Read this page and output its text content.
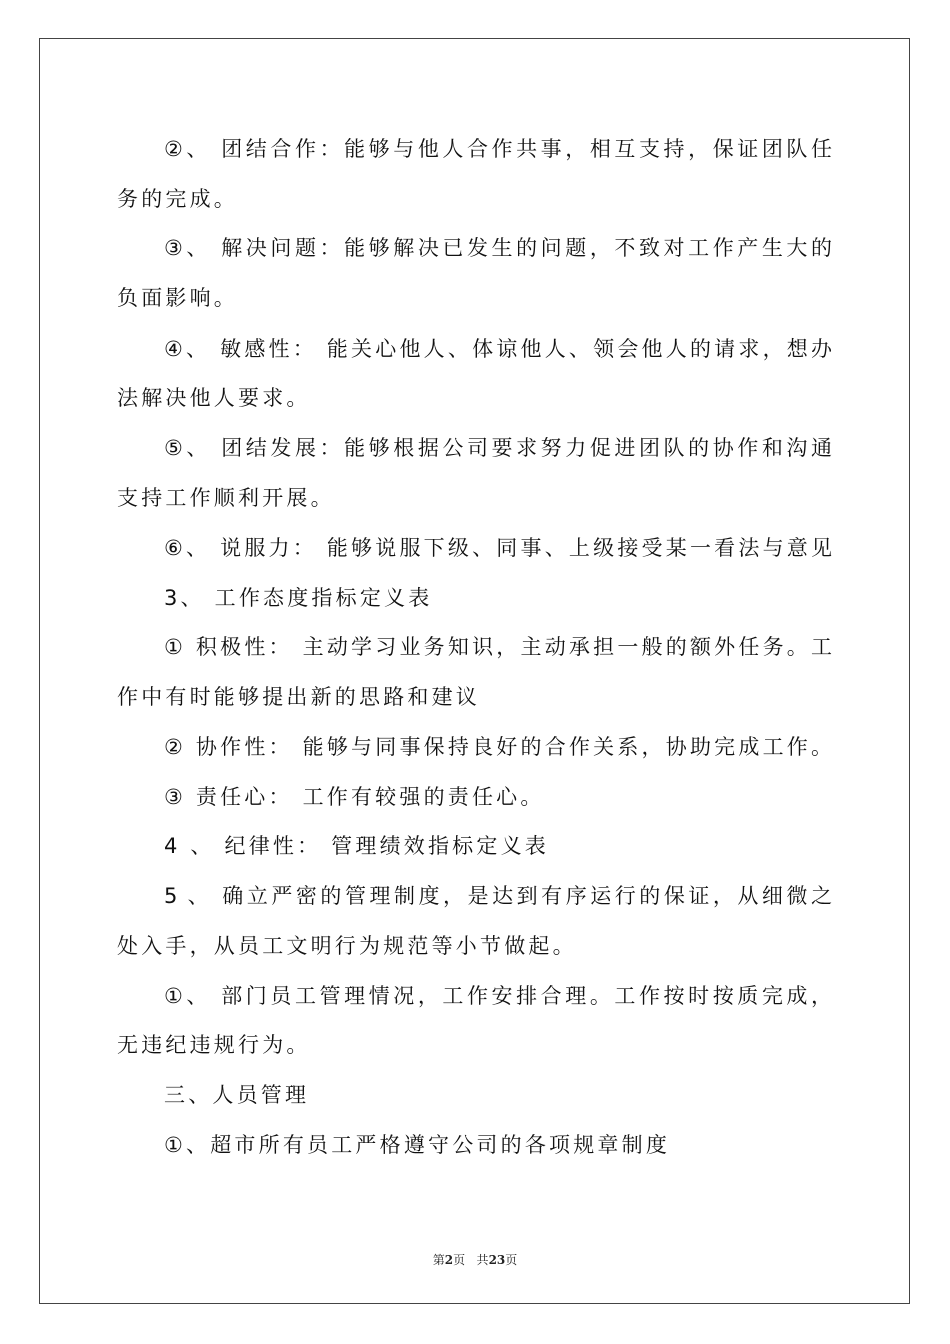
②、 团结合作：能够与他人合作共事，相互支持，保证团队任
务的完成。
③、 解决问题：能够解决已发生的问题，不致对工作产生大的
负面影响。
④、 敏感性： 能关心他人、体谅他人、领会他人的请求，想办
法解决他人要求。
⑤、 团结发展：能够根据公司要求努力促进团队的协作和沟通
支持工作顺利开展。
⑥、 说服力： 能够说服下级、同事、上级接受某一看法与意见
3、 工作态度指标定义表
① 积极性： 主动学习业务知识，主动承担一般的额外任务。工
作中有时能够提出新的思路和建议
② 协作性： 能够与同事保持良好的合作关系，协助完成工作。
③ 责任心： 工作有较强的责任心。
4 、 纪律性： 管理绩效指标定义表
5 、 确立严密的管理制度，是达到有序运行的保证，从细微之
处入手，从员工文明行为规范等小节做起。
①、 部门员工管理情况，工作安排合理。工作按时按质完成，
无违纪违规行为。
三、人员管理
①、超市所有员工严格遵守公司的各项规章制度
第2页 共23页
